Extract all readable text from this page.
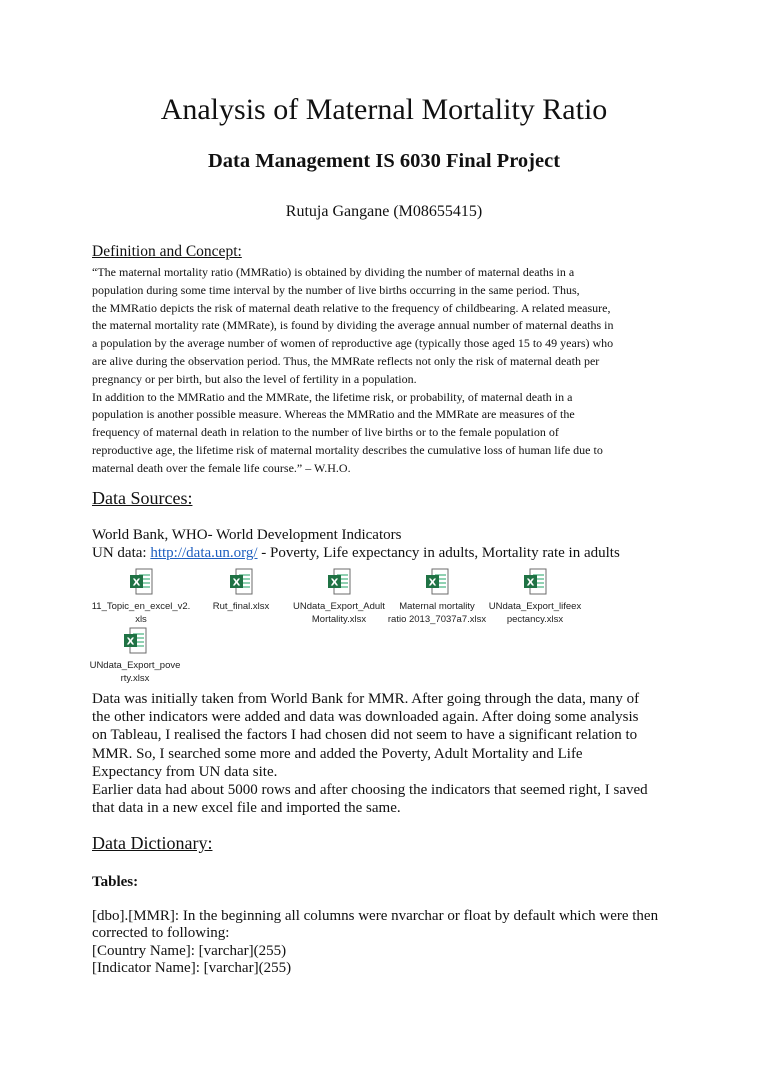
Analysis of Maternal Mortality Ratio
Data Management IS 6030 Final Project
Rutuja Gangane (M08655415)
Definition and Concept:

“The maternal mortality ratio (MMRatio) is obtained by dividing the number of maternal deaths in a

population during some time interval by the number of live births occurring in the same period. Thus,

the MMRatio depicts the risk of maternal death relative to the frequency of childbearing. A related measure,

the maternal mortality rate (MMRate), is found by dividing the average annual number of maternal deaths in

a population by the average number of women of reproductive age (typically those aged 15 to 49 years) who

are alive during the observation period. Thus, the MMRate reflects not only the risk of maternal death per

pregnancy or per birth, but also the level of fertility in a population.

In addition to the MMRatio and the MMRate, the lifetime risk, or probability, of maternal death in a

population is another possible measure. Whereas the MMRatio and the MMRate are measures of the

frequency of maternal death in relation to the number of live births or to the female population of

reproductive age, the lifetime risk of maternal mortality describes the cumulative loss of human life due to

maternal death over the female life course.” – W.H.O.

Data Sources:

World Bank, WHO- World Development Indicators

UN data: http://data.un.org/ - Poverty, Life expectancy in adults, Mortality rate in adults

X
11_Topic_en_excel_v2.
xls
X
Rut_final.xlsx
X
UNdata_Export_Adult
Mortality.xlsx
X
Maternal mortality
ratio 2013_7037a7.xlsx
X
UNdata_Export_lifeex
pectancy.xlsx
X
UNdata_Export_pove
rty.xlsx

Data was initially taken from World Bank for MMR. After going through the data, many of

the other indicators were added and data was downloaded again. After doing some analysis

on Tableau, I realised the factors I had chosen did not seem to have a significant relation to

MMR. So, I searched some more and added the Poverty, Adult Mortality and Life

Expectancy from UN data site.

Earlier data had about 5000 rows and after choosing the indicators that seemed right, I saved

that data in a new excel file and imported the same.

Data Dictionary:
Tables:

[dbo].[MMR]: In the beginning all columns were nvarchar or float by default which were then

corrected to following:

[Country Name]: [varchar](255)

[Indicator Name]: [varchar](255)
